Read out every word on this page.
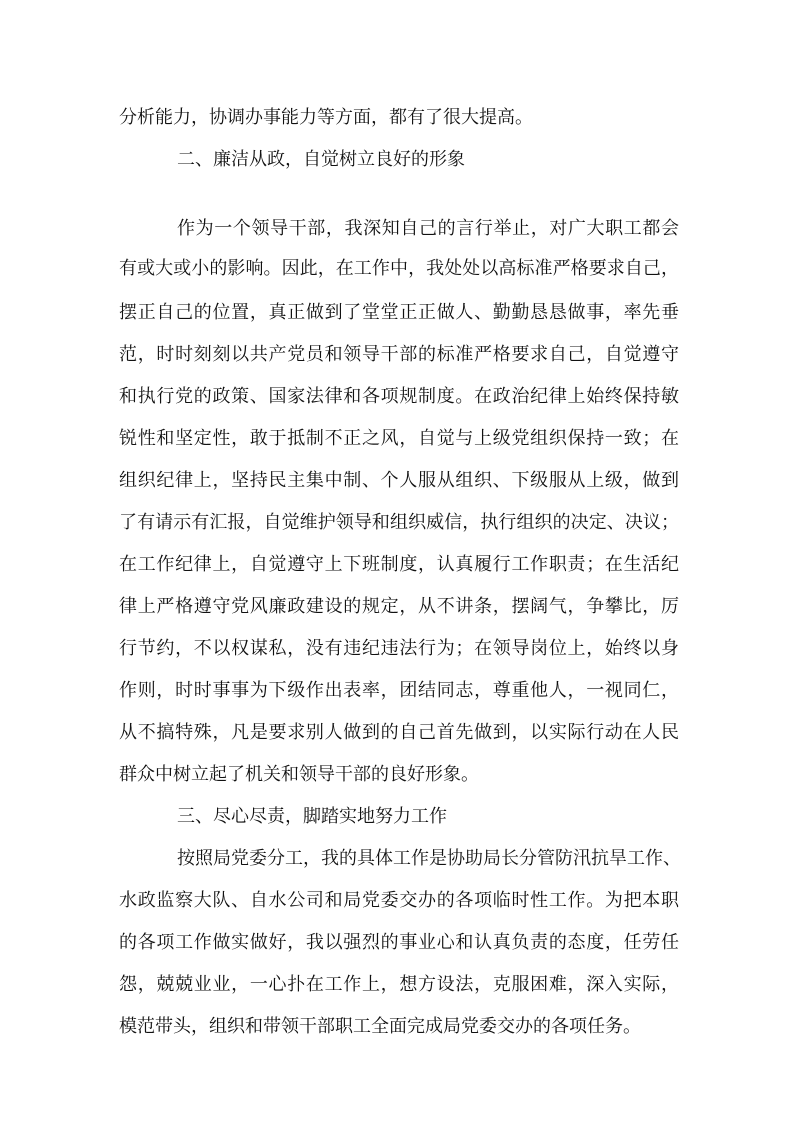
分析能力，协调办事能力等方面，都有了很大提高。
二、廉洁从政，自觉树立良好的形象
作为一个领导干部，我深知自己的言行举止，对广大职工都会
有或大或小的影响。因此，在工作中，我处处以高标准严格要求自己，
摆正自己的位置，真正做到了堂堂正正做人、勤勤恳恳做事，率先垂
范，时时刻刻以共产党员和领导干部的标准严格要求自己，自觉遵守
和执行党的政策、国家法律和各项规制度。在政治纪律上始终保持敏
锐性和坚定性，敢于抵制不正之风，自觉与上级党组织保持一致；在
组织纪律上，坚持民主集中制、个人服从组织、下级服从上级，做到
了有请示有汇报，自觉维护领导和组织威信，执行组织的决定、决议；
在工作纪律上，自觉遵守上下班制度，认真履行工作职责；在生活纪
律上严格遵守党风廉政建设的规定，从不讲条，摆阔气，争攀比，厉
行节约，不以权谋私，没有违纪违法行为；在领导岗位上，始终以身
作则，时时事事为下级作出表率，团结同志，尊重他人，一视同仁，
从不搞特殊，凡是要求别人做到的自己首先做到，以实际行动在人民
群众中树立起了机关和领导干部的良好形象。
三、尽心尽责，脚踏实地努力工作
按照局党委分工，我的具体工作是协助局长分管防汛抗旱工作、
水政监察大队、自水公司和局党委交办的各项临时性工作。为把本职
的各项工作做实做好，我以强烈的事业心和认真负责的态度，任劳任
怨，兢兢业业，一心扑在工作上，想方设法，克服困难，深入实际，
模范带头，组织和带领干部职工全面完成局党委交办的各项任务。
